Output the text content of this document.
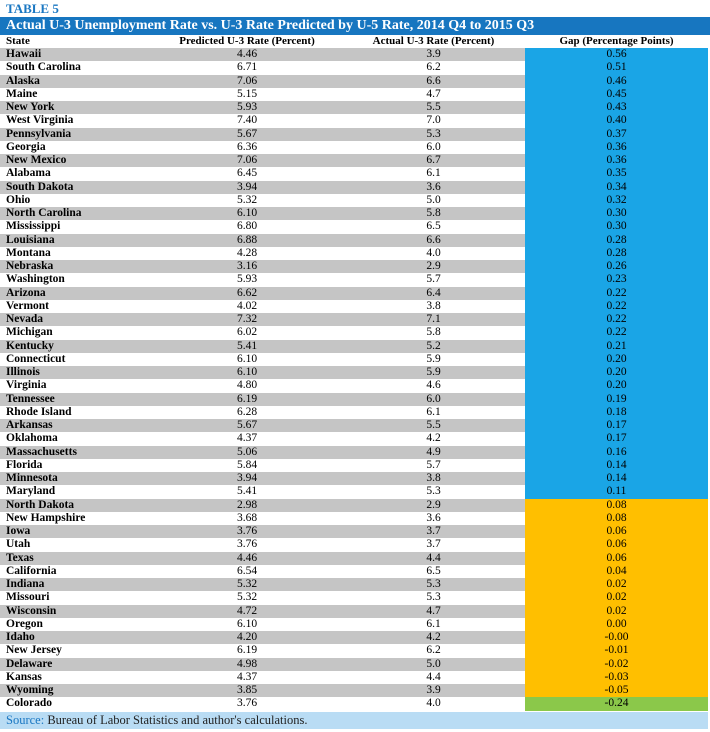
TABLE 5
Actual U-3 Unemployment Rate vs. U-3 Rate Predicted by U-5 Rate, 2014 Q4 to 2015 Q3
State	Predicted U-3 Rate (Percent)	Actual U-3 Rate (Percent)	Gap (Percentage Points)
Hawaii	4.46	3.9	0.56
South Carolina	6.71	6.2	0.51
Alaska	7.06	6.6	0.46
Maine	5.15	4.7	0.45
New York	5.93	5.5	0.43
West Virginia	7.40	7.0	0.40
Pennsylvania	5.67	5.3	0.37
Georgia	6.36	6.0	0.36
New Mexico	7.06	6.7	0.36
Alabama	6.45	6.1	0.35
South Dakota	3.94	3.6	0.34
Ohio	5.32	5.0	0.32
North Carolina	6.10	5.8	0.30
Mississippi	6.80	6.5	0.30
Louisiana	6.88	6.6	0.28
Montana	4.28	4.0	0.28
Nebraska	3.16	2.9	0.26
Washington	5.93	5.7	0.23
Arizona	6.62	6.4	0.22
Vermont	4.02	3.8	0.22
Nevada	7.32	7.1	0.22
Michigan	6.02	5.8	0.22
Kentucky	5.41	5.2	0.21
Connecticut	6.10	5.9	0.20
Illinois	6.10	5.9	0.20
Virginia	4.80	4.6	0.20
Tennessee	6.19	6.0	0.19
Rhode Island	6.28	6.1	0.18
Arkansas	5.67	5.5	0.17
Oklahoma	4.37	4.2	0.17
Massachusetts	5.06	4.9	0.16
Florida	5.84	5.7	0.14
Minnesota	3.94	3.8	0.14
Maryland	5.41	5.3	0.11
North Dakota	2.98	2.9	0.08
New Hampshire	3.68	3.6	0.08
Iowa	3.76	3.7	0.06
Utah	3.76	3.7	0.06
Texas	4.46	4.4	0.06
California	6.54	6.5	0.04
Indiana	5.32	5.3	0.02
Missouri	5.32	5.3	0.02
Wisconsin	4.72	4.7	0.02
Oregon	6.10	6.1	0.00
Idaho	4.20	4.2	-0.00
New Jersey	6.19	6.2	-0.01
Delaware	4.98	5.0	-0.02
Kansas	4.37	4.4	-0.03
Wyoming	3.85	3.9	-0.05
Colorado	3.76	4.0	-0.24
Source: Bureau of Labor Statistics and author's calculations.
